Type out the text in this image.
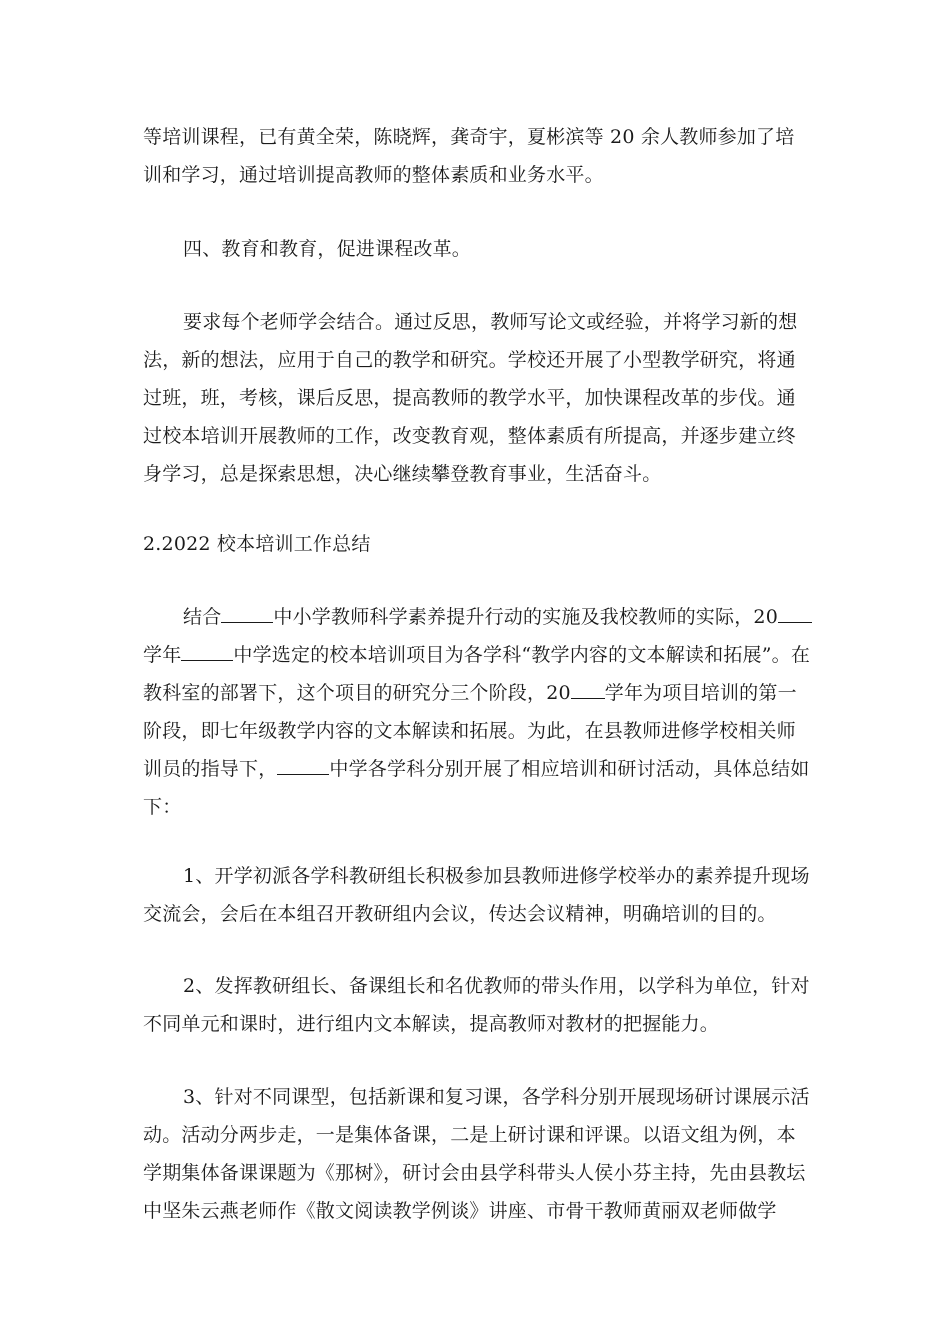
等培训课程，已有黄全荣，陈晓辉，龚奇宇，夏彬滨等 20 余人教师参加了培训和学习，通过培训提高教师的整体素质和业务水平。

四、教育和教育，促进课程改革。

要求每个老师学会结合。通过反思，教师写论文或经验，并将学习新的想法，新的想法，应用于自己的教学和研究。学校还开展了小型教学研究，将通过班，班，考核，课后反思，提高教师的教学水平，加快课程改革的步伐。通过校本培训开展教师的工作，改变教育观，整体素质有所提高，并逐步建立终身学习，总是探索思想，决心继续攀登教育事业，生活奋斗。

2.2022 校本培训工作总结

结合	中小学教师科学素养提升行动的实施及我校教师的实际，20学年	中学选定的校本培训项目为各学科“教学内容的文本解读和拓展”。在教科室的部署下，这个项目的研究分三个阶段，20 学年为项目培训的第一阶段，即七年级教学内容的文本解读和拓展。为此，在县教师进修学校相关师训员的指导下，	中学各学科分别开展了相应培训和研讨活动，具体总结如下：

1、开学初派各学科教研组长积极参加县教师进修学校举办的素养提升现场交流会，会后在本组召开教研组内会议，传达会议精神，明确培训的目的。

2、发挥教研组长、备课组长和名优教师的带头作用，以学科为单位，针对不同单元和课时，进行组内文本解读，提高教师对教材的把握能力。

3、针对不同课型，包括新课和复习课，各学科分别开展现场研讨课展示活动。活动分两步走，一是集体备课，二是上研讨课和评课。以语文组为例，本学期集体备课课题为《那树》，研讨会由县学科带头人侯小芬主持，先由县教坛中坚朱云燕老师作《散文阅读教学例谈》讲座、市骨干教师黄丽双老师做学
